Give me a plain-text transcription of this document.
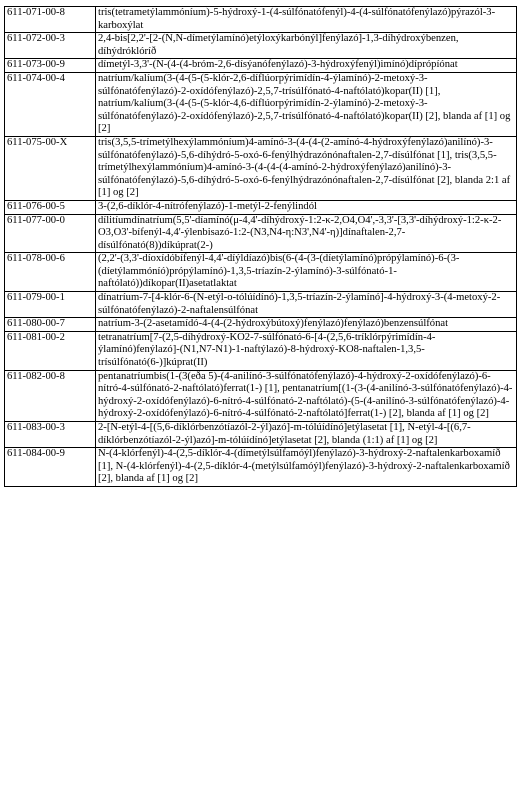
611-071-00-8	tris(tetrametýlammóníum)-5-hýdroxý-1-(4-súlfónatófenýl)-4-(4-súlfónatófenýlazó)pýrazól-3-karboxýlat
611-072-00-3	2,4-bis[2,2'-[2-(N,N-dímetýlamínó)etýloxýkarbónýl]fenýlazó]-1,3-díhýdroxýbenzen, díhýdróklóríð
611-073-00-9	dímetýl-3,3'-(N-(4-(4-bróm-2,6-dísýanófenýlazó)-3-hýdroxýfenýl)imínó)díprópíónat
611-074-00-4	natríum/kalíum(3-(4-(5-(5-klór-2,6-díflúorpýrimídín-4-ýlamínó)-2-metoxý-3-súlfónatófenýlazó)-2-oxídófenýlazó)-2,5,7-trísúlfónató-4-naftólató)kopar(II) [1], natríum/kalíum(3-(4-(5-(5-klór-4,6-díflúorpýrimídín-2-ýlamínó)-2-metoxý-3-súlfónatófenýlazó)-2-oxídófenýlazó)-2,5,7-trísúlfónató-4-naftólató)kopar(II) [2], blanda af [1] og [2]
611-075-00-X	tris(3,5,5-trímetýlhexýlammóníum)4-amínó-3-(4-(4-(2-amínó-4-hýdroxýfenýlazó)anilínó)-3-súlfónatófenýlazó)-5,6-díhýdró-5-oxó-6-fenýlhýdrazónónaftalen-2,7-dísúlfónat [1], tris(3,5,5-trímetýlhexýlammóníum)4-amínó-3-(4-(4-(4-amínó-2-hýdroxýfenýlazó)anilínó)-3-súlfónatófenýlazó)-5,6-díhýdró-5-oxó-6-fenýlhýdrazónónaftalen-2,7-dísúlfónat [2], blanda 2:1 af [1] og [2]
611-076-00-5	3-(2,6-díklór-4-nítrófenýlazó)-1-metýl-2-fenýlindól
611-077-00-0	dílitíumdínatríum(5,5'-díamínó(μ-4,4'-díhýdroxý-1:2-κ-2,O4,O4',-3,3'-[3,3'-díhýdroxý-1:2-κ-2-O3,O3'-bífenýl-4,4'-ýlenbisazó-1:2-(N3,N4-η:N3',N4'-η)]dínaftalen-2,7-dísúlfónató(8))díkúprat(2-)
611-078-00-6	(2,2'-(3,3'-díoxídóbífenýl-4,4'-díýldíazó)bis(6-(4-(3-(díetýlamínó)própýlamínó)-6-(3-(díetýlammóníó)própýlamínó)-1,3,5-tríazín-2-ýlamínó)-3-súlfónató-1-naftólató))díkopar(II)asetatlaktat
611-079-00-1	dínatríum-7-[4-klór-6-(N-etýl-o-tólúídínó)-1,3,5-tríazín-2-ýlamínó]-4-hýdroxý-3-(4-metoxý-2-súlfónatófenýlazó)-2-naftalensúlfónat
611-080-00-7	natríum-3-(2-asetamídó-4-(4-(2-hýdroxýbútoxý)fenýlazó)fenýlazó)benzensúlfónat
611-081-00-2	tetranatríum[7-(2,5-díhýdroxý-KO2-7-súlfónató-6-[4-(2,5,6-tríklórpýrimídín-4-ýlamínó)fenýlazó]-(N1,N7-N1)-1-naftýlazó)-8-hýdroxý-KO8-naftalen-1,3,5-trísúlfónató(6-)]kúprat(II)
611-082-00-8	pentanatríumbis(1-(3(eða 5)-(4-anilínó-3-súlfónatófenýlazó)-4-hýdroxý-2-oxídófenýlazó)-6-nítró-4-súlfónató-2-naftólató)ferrat(1-) [1], pentanatríum[(1-(3-(4-anilínó-3-súlfónatófenýlazó)-4-hýdroxý-2-oxídófenýlazó)-6-nítró-4-súlfónató-2-naftólató)-(5-(4-anilínó-3-súlfónatófenýlazó)-4-hýdroxý-2-oxídófenýlazó)-6-nítró-4-súlfónató-2-naftólató]ferrat(1-) [2], blanda af [1] og [2]
611-083-00-3	2-[N-etýl-4-[(5,6-díklórbenzótíazól-2-ýl)azó]-m-tólúídínó]etýlasetat [1], N-etýl-4-[(6,7-díklórbenzótíazól-2-ýl)azó]-m-tólúídínó]etýlasetat [2], blanda (1:1) af [1] og [2]
611-084-00-9	N-(4-klórfenýl)-4-(2,5-díklór-4-(dímetýlsúlfamóýl)fenýlazó)-3-hýdroxý-2-naftalenkarboxamíð [1], N-(4-klórfenýl)-4-(2,5-díklór-4-(metýlsúlfamóýl)fenýlazó)-3-hýdroxý-2-naftalenkarboxamíð [2], blanda af [1] og [2]
